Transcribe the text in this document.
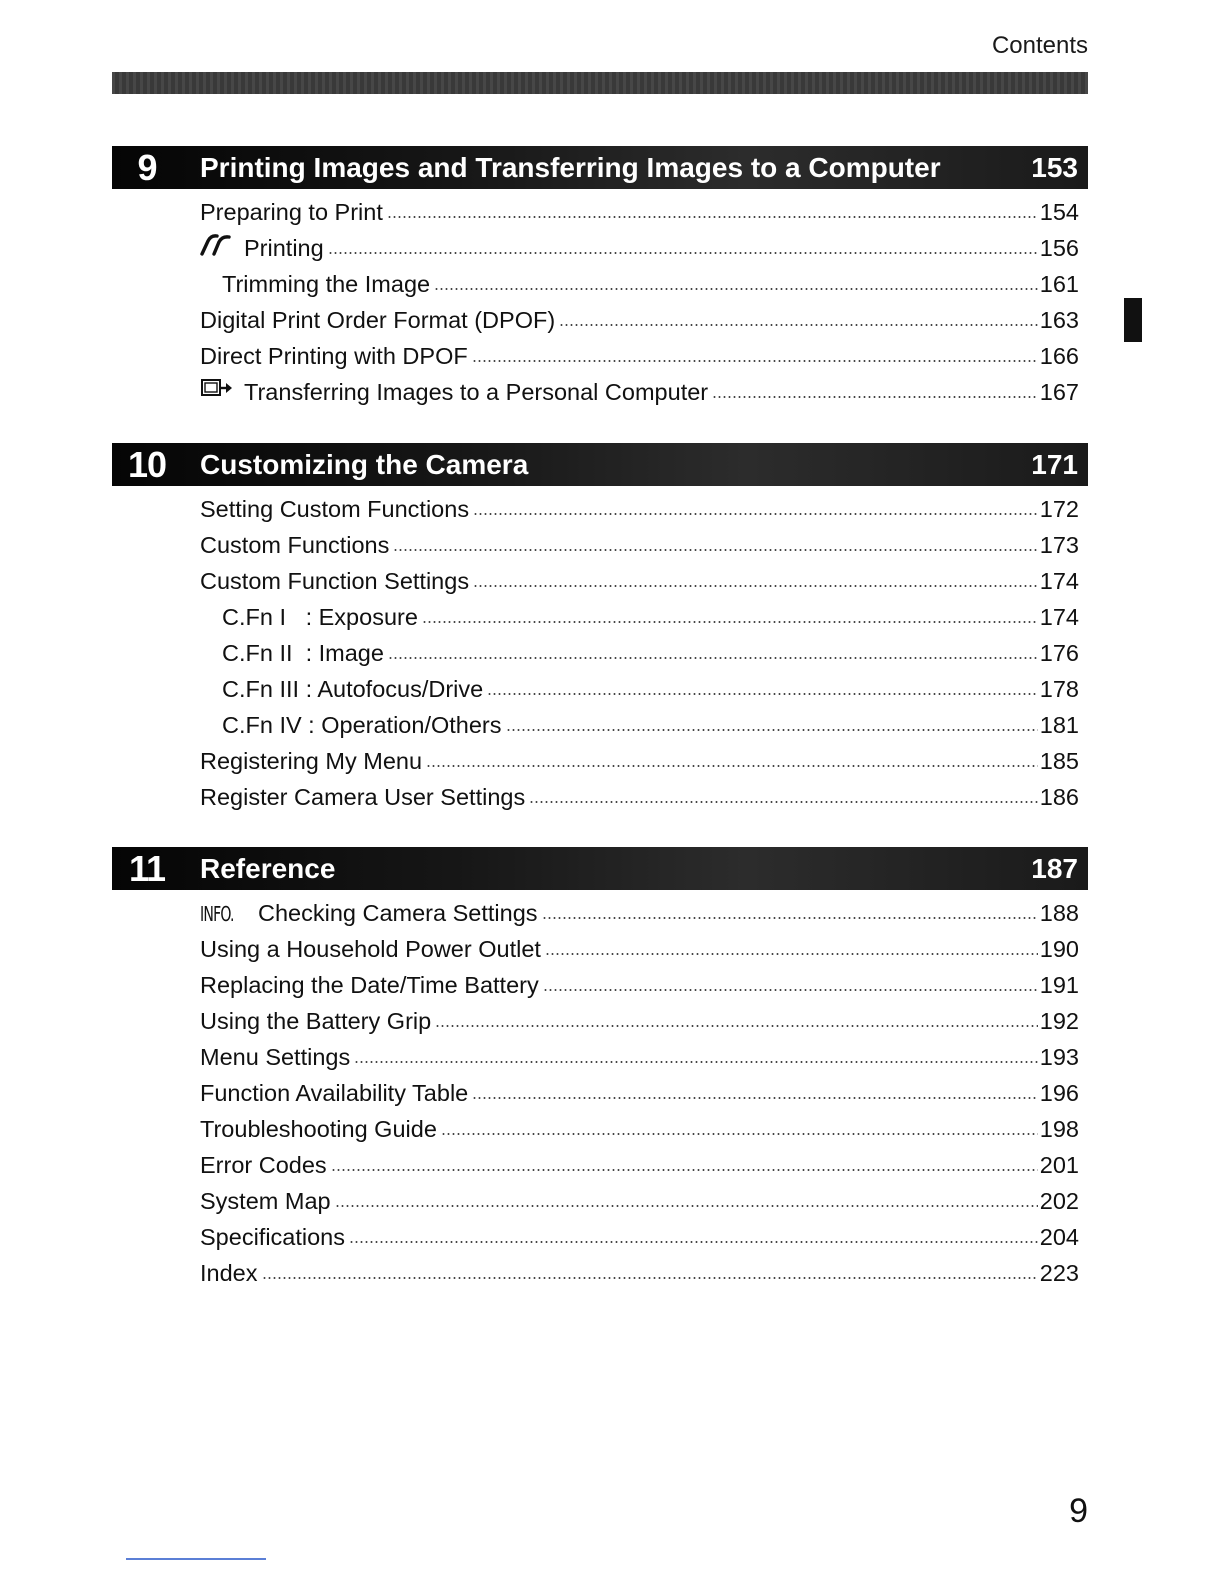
Contents
9	Printing Images and Transferring Images to a Computer	153
Preparing to Print	154
Printing	156
Trimming the Image	161
Digital Print Order Format (DPOF)	163
Direct Printing with DPOF	166
Transferring Images to a Personal Computer	167
10	Customizing the Camera	171
Setting Custom Functions	172
Custom Functions	173
Custom Function Settings	174
C.Fn I   : Exposure	174
C.Fn II  : Image	176
C.Fn III : Autofocus/Drive	178
C.Fn IV : Operation/Others	181
Registering My Menu	185
Register Camera User Settings	186
11	Reference	187
INFO. Checking Camera Settings	188
Using a Household Power Outlet	190
Replacing the Date/Time Battery	191
Using the Battery Grip	192
Menu Settings	193
Function Availability Table	196
Troubleshooting Guide	198
Error Codes	201
System Map	202
Specifications	204
Index	223
9
